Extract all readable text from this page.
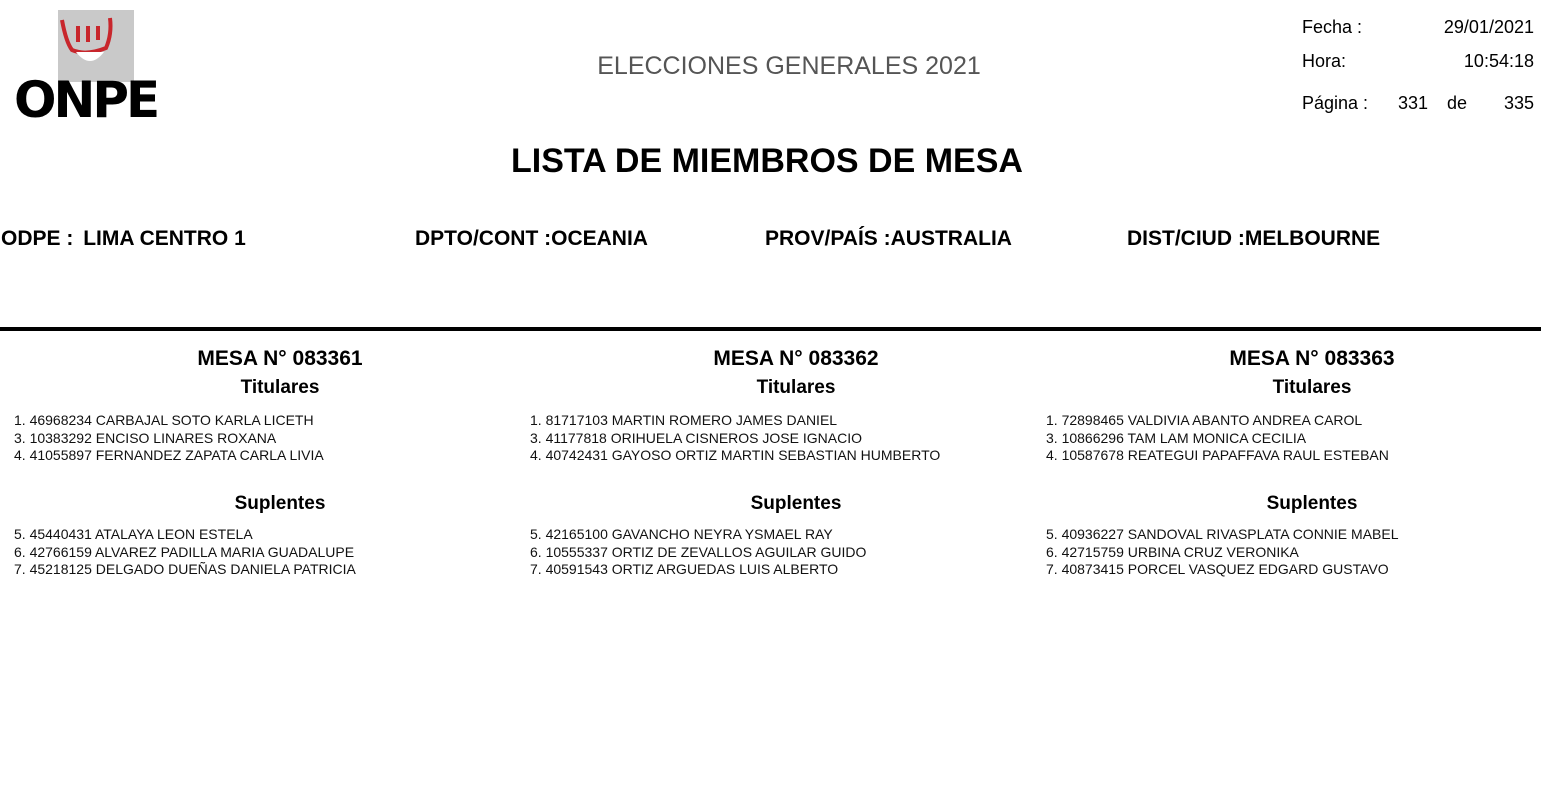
ONPE
ELECCIONES GENERALES 2021
Fecha :	29/01/2021
Hora:	10:54:18
Página : 331 de	335
LISTA DE MIEMBROS DE MESA
ODPE : LIMA CENTRO 1	DPTO/CONT :OCEANIA	PROV/PAÍS :AUSTRALIA	DIST/CIUD :MELBOURNE
MESA N° 083361
Titulares
1. 46968234 CARBAJAL SOTO KARLA LICETH
3. 10383292 ENCISO LINARES ROXANA
4. 41055897 FERNANDEZ ZAPATA CARLA LIVIA
Suplentes
5. 45440431 ATALAYA LEON ESTELA
6. 42766159 ALVAREZ PADILLA MARIA GUADALUPE
7. 45218125 DELGADO DUEÑAS DANIELA PATRICIA
MESA N° 083362
Titulares
1. 81717103 MARTIN ROMERO JAMES DANIEL
3. 41177818 ORIHUELA CISNEROS JOSE IGNACIO
4. 40742431 GAYOSO ORTIZ MARTIN SEBASTIAN HUMBERTO
Suplentes
5. 42165100 GAVANCHO NEYRA YSMAEL RAY
6. 10555337 ORTIZ DE ZEVALLOS AGUILAR GUIDO
7. 40591543 ORTIZ ARGUEDAS LUIS ALBERTO
MESA N° 083363
Titulares
1. 72898465 VALDIVIA ABANTO ANDREA CAROL
3. 10866296 TAM LAM MONICA CECILIA
4. 10587678 REATEGUI PAPAFFAVA RAUL ESTEBAN
Suplentes
5. 40936227 SANDOVAL RIVASPLATA CONNIE MABEL
6. 42715759 URBINA CRUZ VERONIKA
7. 40873415 PORCEL VASQUEZ EDGARD GUSTAVO
